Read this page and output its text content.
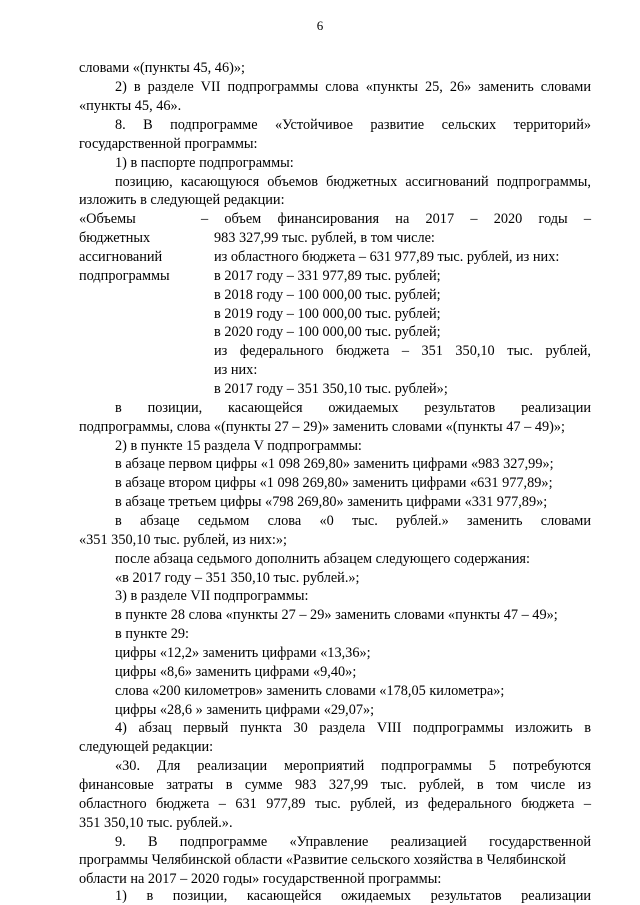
6
словами «(пункты 45, 46)»;
2) в разделе VII подпрограммы слова «пункты 25, 26» заменить словами
«пункты 45, 46».
8. В подпрограмме «Устойчивое развитие сельских территорий»
государственной программы:
1) в паспорте подпрограммы:
позицию, касающуюся объемов бюджетных ассигнований подпрограммы,
изложить в следующей редакции:
«Объемы	– объем финансирования на 2017 – 2020 годы –
бюджетных	983 327,99 тыс. рублей, в том числе:
ассигнований	из областного бюджета – 631 977,89 тыс. рублей, из них:
подпрограммы	в 2017 году – 331 977,89 тыс. рублей;
в 2018 году – 100 000,00 тыс. рублей;
в 2019 году – 100 000,00 тыс. рублей;
в 2020 году – 100 000,00 тыс. рублей;
из федерального бюджета – 351 350,10 тыс. рублей,
из них:
в 2017 году – 351 350,10 тыс. рублей»;
в позиции, касающейся ожидаемых результатов реализации
подпрограммы, слова «(пункты 27 – 29)» заменить словами «(пункты 47 – 49)»;
2) в пункте 15 раздела V подпрограммы:
в абзаце первом цифры «1 098 269,80» заменить цифрами «983 327,99»;
в абзаце втором цифры «1 098 269,80» заменить цифрами «631 977,89»;
в абзаце третьем цифры «798 269,80» заменить цифрами «331 977,89»;
в абзаце седьмом слова «0 тыс. рублей.» заменить словами
«351 350,10 тыс. рублей, из них:»;
после абзаца седьмого дополнить абзацем следующего содержания:
«в 2017 году – 351 350,10 тыс. рублей.»;
3) в разделе VII подпрограммы:
в пункте 28 слова «пункты 27 – 29» заменить словами «пункты 47 – 49»;
в пункте 29:
цифры «12,2» заменить цифрами «13,36»;
цифры «8,6» заменить цифрами «9,40»;
слова «200 километров» заменить словами «178,05 километра»;
цифры «28,6 » заменить цифрами «29,07»;
4) абзац первый пункта 30 раздела VIII подпрограммы изложить в
следующей редакции:
«30. Для реализации мероприятий подпрограммы 5 потребуются
финансовые затраты в сумме 983 327,99 тыс. рублей, в том числе из
областного бюджета – 631 977,89 тыс. рублей, из федерального бюджета –
351 350,10 тыс. рублей.».
9. В подпрограмме «Управление реализацией государственной
программы Челябинской области «Развитие сельского хозяйства в Челябинской
области на 2017 – 2020 годы» государственной программы:
1) в позиции, касающейся ожидаемых результатов реализации
